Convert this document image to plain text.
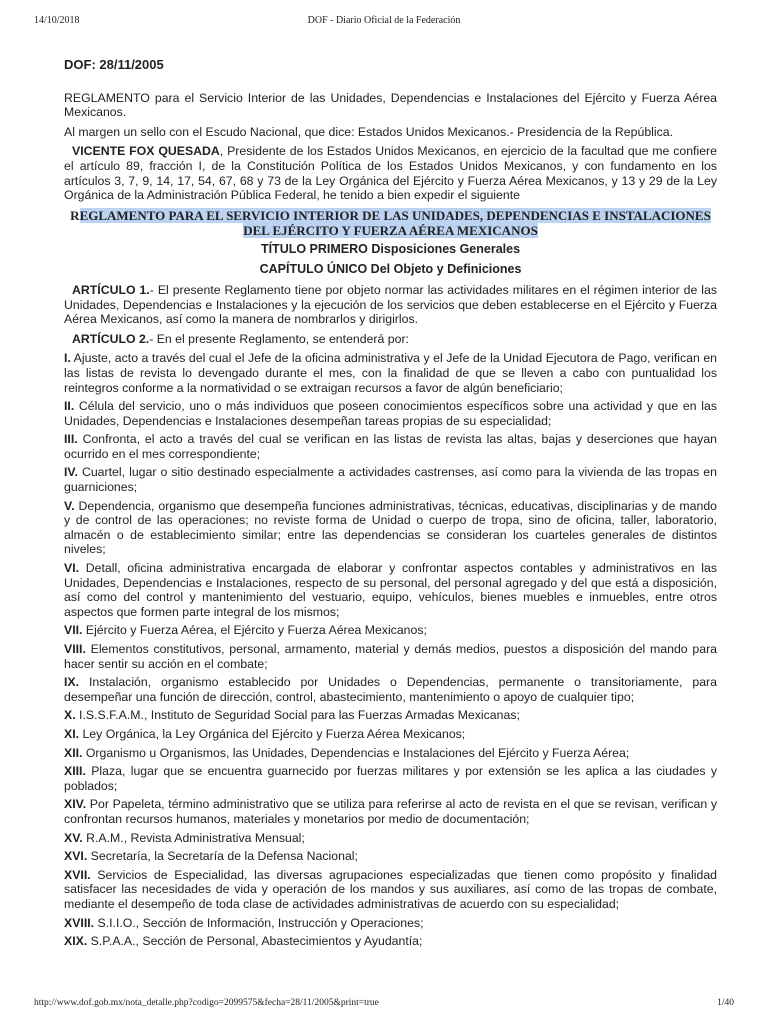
14/10/2018	DOF - Diario Oficial de la Federación
DOF: 28/11/2005

REGLAMENTO para el Servicio Interior de las Unidades, Dependencias e Instalaciones del Ejército y Fuerza Aérea Mexicanos.

Al margen un sello con el Escudo Nacional, que dice: Estados Unidos Mexicanos.- Presidencia de la República.

VICENTE FOX QUESADA, Presidente de los Estados Unidos Mexicanos, en ejercicio de la facultad que me confiere el artículo 89, fracción I, de la Constitución Política de los Estados Unidos Mexicanos, y con fundamento en los artículos 3, 7, 9, 14, 17, 54, 67, 68 y 73 de la Ley Orgánica del Ejército y Fuerza Aérea Mexicanos, y 13 y 29 de la Ley Orgánica de la Administración Pública Federal, he tenido a bien expedir el siguiente

REGLAMENTO PARA EL SERVICIO INTERIOR DE LAS UNIDADES, DEPENDENCIAS E INSTALACIONES DEL EJÉRCITO Y FUERZA AÉREA MEXICANOS
TÍTULO PRIMERO Disposiciones Generales
CAPÍTULO ÚNICO Del Objeto y Definiciones

ARTÍCULO 1.- El presente Reglamento tiene por objeto normar las actividades militares en el régimen interior de las Unidades, Dependencias e Instalaciones y la ejecución de los servicios que deben establecerse en el Ejército y Fuerza Aérea Mexicanos, así como la manera de nombrarlos y dirigirlos.

ARTÍCULO 2.- En el presente Reglamento, se entenderá por:

I. Ajuste, acto a través del cual el Jefe de la oficina administrativa y el Jefe de la Unidad Ejecutora de Pago, verifican en las listas de revista lo devengado durante el mes, con la finalidad de que se lleven a cabo con puntualidad los reintegros conforme a la normatividad o se extraigan recursos a favor de algún beneficiario;

II. Célula del servicio, uno o más individuos que poseen conocimientos específicos sobre una actividad y que en las Unidades, Dependencias e Instalaciones desempeñan tareas propias de su especialidad;

III. Confronta, el acto a través del cual se verifican en las listas de revista las altas, bajas y deserciones que hayan ocurrido en el mes correspondiente;

IV. Cuartel, lugar o sitio destinado especialmente a actividades castrenses, así como para la vivienda de las tropas en guarniciones;

V. Dependencia, organismo que desempeña funciones administrativas, técnicas, educativas, disciplinarias y de mando y de control de las operaciones; no reviste forma de Unidad o cuerpo de tropa, sino de oficina, taller, laboratorio, almacén o de establecimiento similar; entre las dependencias se consideran los cuarteles generales de distintos niveles;

VI. Detall, oficina administrativa encargada de elaborar y confrontar aspectos contables y administrativos en las Unidades, Dependencias e Instalaciones, respecto de su personal, del personal agregado y del que está a disposición, así como del control y mantenimiento del vestuario, equipo, vehículos, bienes muebles e inmuebles, entre otros aspectos que formen parte integral de los mismos;

VII. Ejército y Fuerza Aérea, el Ejército y Fuerza Aérea Mexicanos;

VIII. Elementos constitutivos, personal, armamento, material y demás medios, puestos a disposición del mando para hacer sentir su acción en el combate;

IX. Instalación, organismo establecido por Unidades o Dependencias, permanente o transitoriamente, para desempeñar una función de dirección, control, abastecimiento, mantenimiento o apoyo de cualquier tipo;

X. I.S.S.F.A.M., Instituto de Seguridad Social para las Fuerzas Armadas Mexicanas;

XI. Ley Orgánica, la Ley Orgánica del Ejército y Fuerza Aérea Mexicanos;

XII. Organismo u Organismos, las Unidades, Dependencias e Instalaciones del Ejército y Fuerza Aérea;

XIII. Plaza, lugar que se encuentra guarnecido por fuerzas militares y por extensión se les aplica a las ciudades y poblados;

XIV. Por Papeleta, término administrativo que se utiliza para referirse al acto de revista en el que se revisan, verifican y confrontan recursos humanos, materiales y monetarios por medio de documentación;

XV. R.A.M., Revista Administrativa Mensual;

XVI. Secretaría, la Secretaría de la Defensa Nacional;

XVII. Servicios de Especialidad, las diversas agrupaciones especializadas que tienen como propósito y finalidad satisfacer las necesidades de vida y operación de los mandos y sus auxiliares, así como de las tropas de combate, mediante el desempeño de toda clase de actividades administrativas de acuerdo con su especialidad;

XVIII. S.I.I.O., Sección de Información, Instrucción y Operaciones;

XIX. S.P.A.A., Sección de Personal, Abastecimientos y Ayudantía;

http://www.dof.gob.mx/nota_detalle.php?codigo=2099575&fecha=28/11/2005&print=true	1/40
